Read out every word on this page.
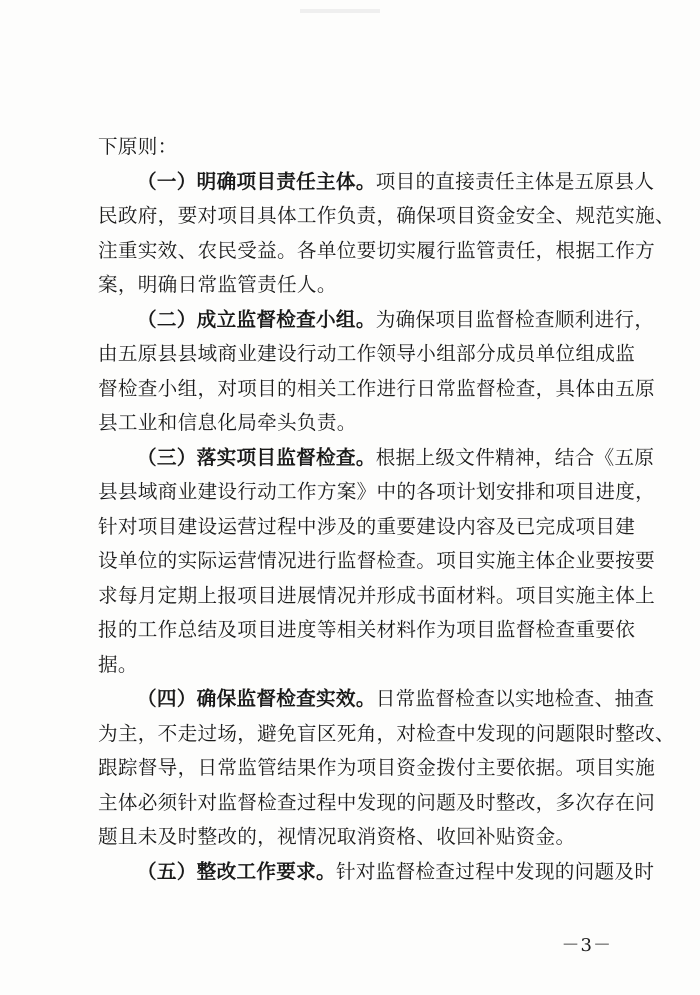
下原则：
（一）明确项目责任主体。项目的直接责任主体是五原县人
民政府，要对项目具体工作负责，确保项目资金安全、规范实施、
注重实效、农民受益。各单位要切实履行监管责任，根据工作方
案，明确日常监管责任人。
（二）成立监督检查小组。为确保项目监督检查顺利进行，
由五原县县域商业建设行动工作领导小组部分成员单位组成监
督检查小组，对项目的相关工作进行日常监督检查，具体由五原
县工业和信息化局牵头负责。
（三）落实项目监督检查。根据上级文件精神，结合《五原
县县域商业建设行动工作方案》中的各项计划安排和项目进度，
针对项目建设运营过程中涉及的重要建设内容及已完成项目建
设单位的实际运营情况进行监督检查。项目实施主体企业要按要
求每月定期上报项目进展情况并形成书面材料。项目实施主体上
报的工作总结及项目进度等相关材料作为项目监督检查重要依
据。
（四）确保监督检查实效。日常监督检查以实地检查、抽查
为主，不走过场，避免盲区死角，对检查中发现的问题限时整改、
跟踪督导，日常监管结果作为项目资金拨付主要依据。项目实施
主体必须针对监督检查过程中发现的问题及时整改，多次存在问
题且未及时整改的，视情况取消资格、收回补贴资金。
（五）整改工作要求。针对监督检查过程中发现的问题及时
－3－
